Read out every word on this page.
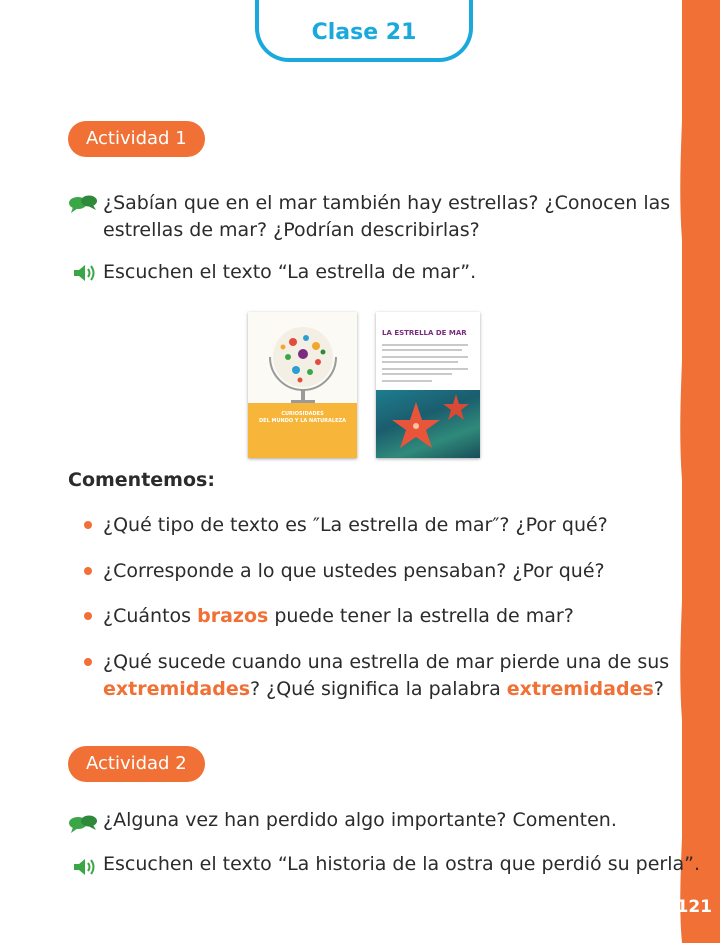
121
Clase 21
Actividad 1
¿Sabían que en el mar también hay estrellas? ¿Conocen las
estrellas de mar? ¿Podrían describirlas?
Escuchen el texto “La estrella de mar”.
CURIOSIDADES
DEL MUNDO Y LA NATURALEZA
LA ESTRELLA DE MAR
Comentemos:
¿Qué tipo de texto es ″La estrella de mar″? ¿Por qué?
¿Corresponde a lo que ustedes pensaban? ¿Por qué?
¿Cuántos brazos puede tener la estrella de mar?
¿Qué sucede cuando una estrella de mar pierde una de sus
extremidades? ¿Qué significa la palabra extremidades?
Actividad 2
¿Alguna vez han perdido algo importante? Comenten.
Escuchen el texto “La historia de la ostra que perdió su perla”.
